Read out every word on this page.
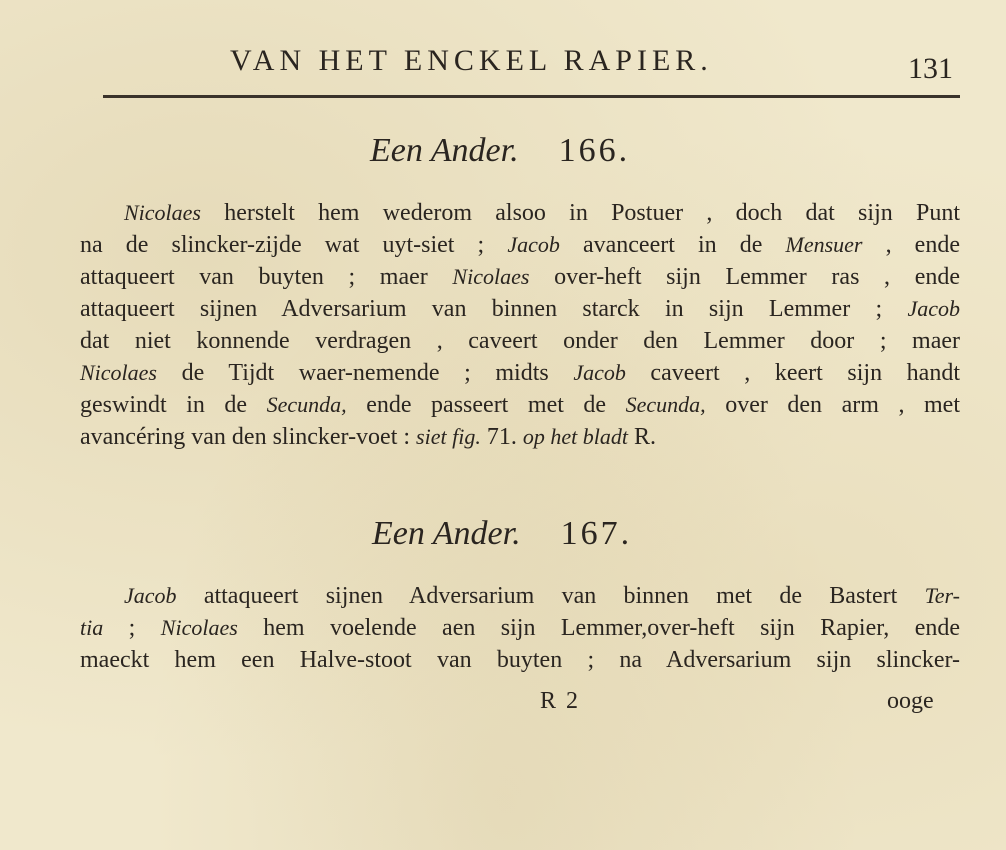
VAN HET ENCKEL RAPIER.	131
Een Ander. 166.
Nicolaes herstelt hem wederom alsoo in Postuer , doch dat sijn Punt
na de slincker-zijde wat uyt-siet ; Jacob avanceert in de Mensuer , ende
attaqueert van buyten ; maer Nicolaes over-heft sijn Lemmer ras , ende
attaqueert sijnen Adversarium van binnen starck in sijn Lemmer ; Jacob
dat niet konnende verdragen , caveert onder den Lemmer door ; maer
Nicolaes de Tijdt waer-nemende ; midts Jacob caveert , keert sijn handt
geswindt in de Secunda, ende passeert met de Secunda, over den arm , met
avancéring van den slincker-voet : siet fig. 71. op het bladt R.
Een Ander. 167.
Jacob attaqueert sijnen Adversarium van binnen met de Bastert Ter-
tia ; Nicolaes hem voelende aen sijn Lemmer,over-heft sijn Rapier, ende
maeckt hem een Halve-stoot van buyten ; na Adversarium sijn slincker-
R 2	ooge
